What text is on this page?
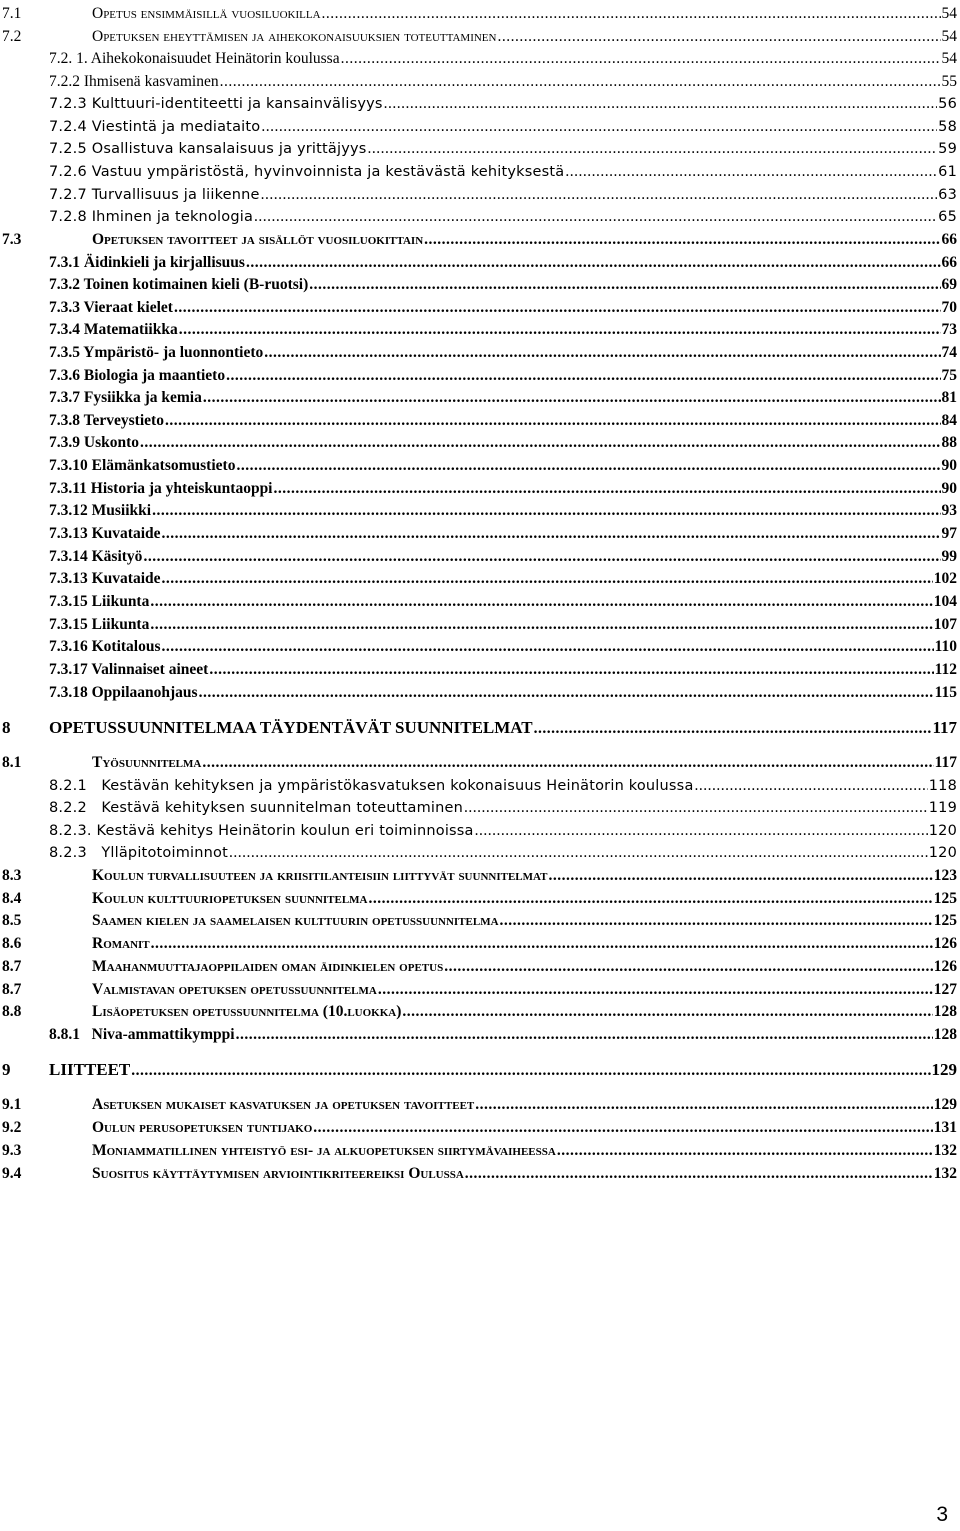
7.1	Opetus ensimmäisillä vuosiluokilla .....	54
7.2	Opetuksen eheyttämisen ja aihekokonaisuuksien toteuttaminen .....	54
7.2. 1. Aihekokonaisuudet Heinätorin koulussa .....	54
7.2.2 Ihmisenä kasvaminen .....	55
7.2.3 Kulttuuri-identiteetti ja kansainvälisyys .....	56
7.2.4 Viestintä ja mediataito .....	58
7.2.5 Osallistuva kansalaisuus ja yrittäjyys .....	59
7.2.6 Vastuu ympäristöstä, hyvinvoinnista ja kestävästä kehityksestä .....	61
7.2.7 Turvallisuus ja liikenne .....	63
7.2.8 Ihminen ja teknologia .....	65
7.3	Opetuksen tavoitteet ja sisällöt vuosiluokittain .....	66
7.3.1 Äidinkieli ja kirjallisuus .....	66
7.3.2 Toinen kotimainen kieli (B-ruotsi) .....	69
7.3.3 Vieraat kielet .....	70
7.3.4 Matematiikka .....	73
7.3.5 Ympäristö- ja luonnontieto .....	74
7.3.6 Biologia ja maantieto .....	75
7.3.7 Fysiikka ja kemia .....	81
7.3.8 Terveystieto .....	84
7.3.9 Uskonto .....	88
7.3.10 Elämänkatsomustieto .....	90
7.3.11 Historia ja yhteiskuntaoppi .....	90
7.3.12 Musiikki .....	93
7.3.13 Kuvataide .....	97
7.3.14 Käsityö .....	99
7.3.13 Kuvataide .....	102
7.3.15 Liikunta .....	104
7.3.15 Liikunta .....	107
7.3.16 Kotitalous .....	110
7.3.17 Valinnaiset aineet .....	112
7.3.18 Oppilaanohjaus .....	115
8 OPETUSSUUNNITELMAA TÄYDENTÄVÄT SUUNNITELMAT .....	117
8.1	Työsuunnitelma .....	117
8.2.1   Kestävän kehityksen ja ympäristökasvatuksen kokonaisuus Heinätorin koulussa .....	118
8.2.2   Kestävä kehityksen suunnitelman toteuttaminen .....	119
8.2.3. Kestävä kehitys Heinätorin koulun eri toiminnoissa .....	120
8.2.3   Ylläpitotoiminnot .....	120
8.3	Koulun turvallisuuteen ja kriisitilanteisiin liittyvät suunnitelmat .....	123
8.4	Koulun kulttuuriopetuksen suunnitelma .....	125
8.5	Saamen kielen ja saamelaisen kulttuurin opetussuunnitelma .....	125
8.6	Romanit .....	126
8.7	Maahanmuuttajaoppilaiden oman äidinkielen opetus .....	126
8.7	Valmistavan opetuksen opetussuunnitelma .....	127
8.8	Lisäopetuksen opetussuunnitelma (10.luokka) .....	128
8.8.1   Niva-ammattikymppi .....	128
9 LIITTEET .....	129
9.1	Asetuksen mukaiset kasvatuksen ja opetuksen tavoitteet .....	129
9.2	Oulun perusopetuksen tuntijako .....	131
9.3	Moniammatillinen yhteistyö esi- ja alkuopetuksen siirtymävaiheessa .....	132
9.4	Suositus käyttäytymisen arviointikriteereiksi Oulussa .....	132
3
